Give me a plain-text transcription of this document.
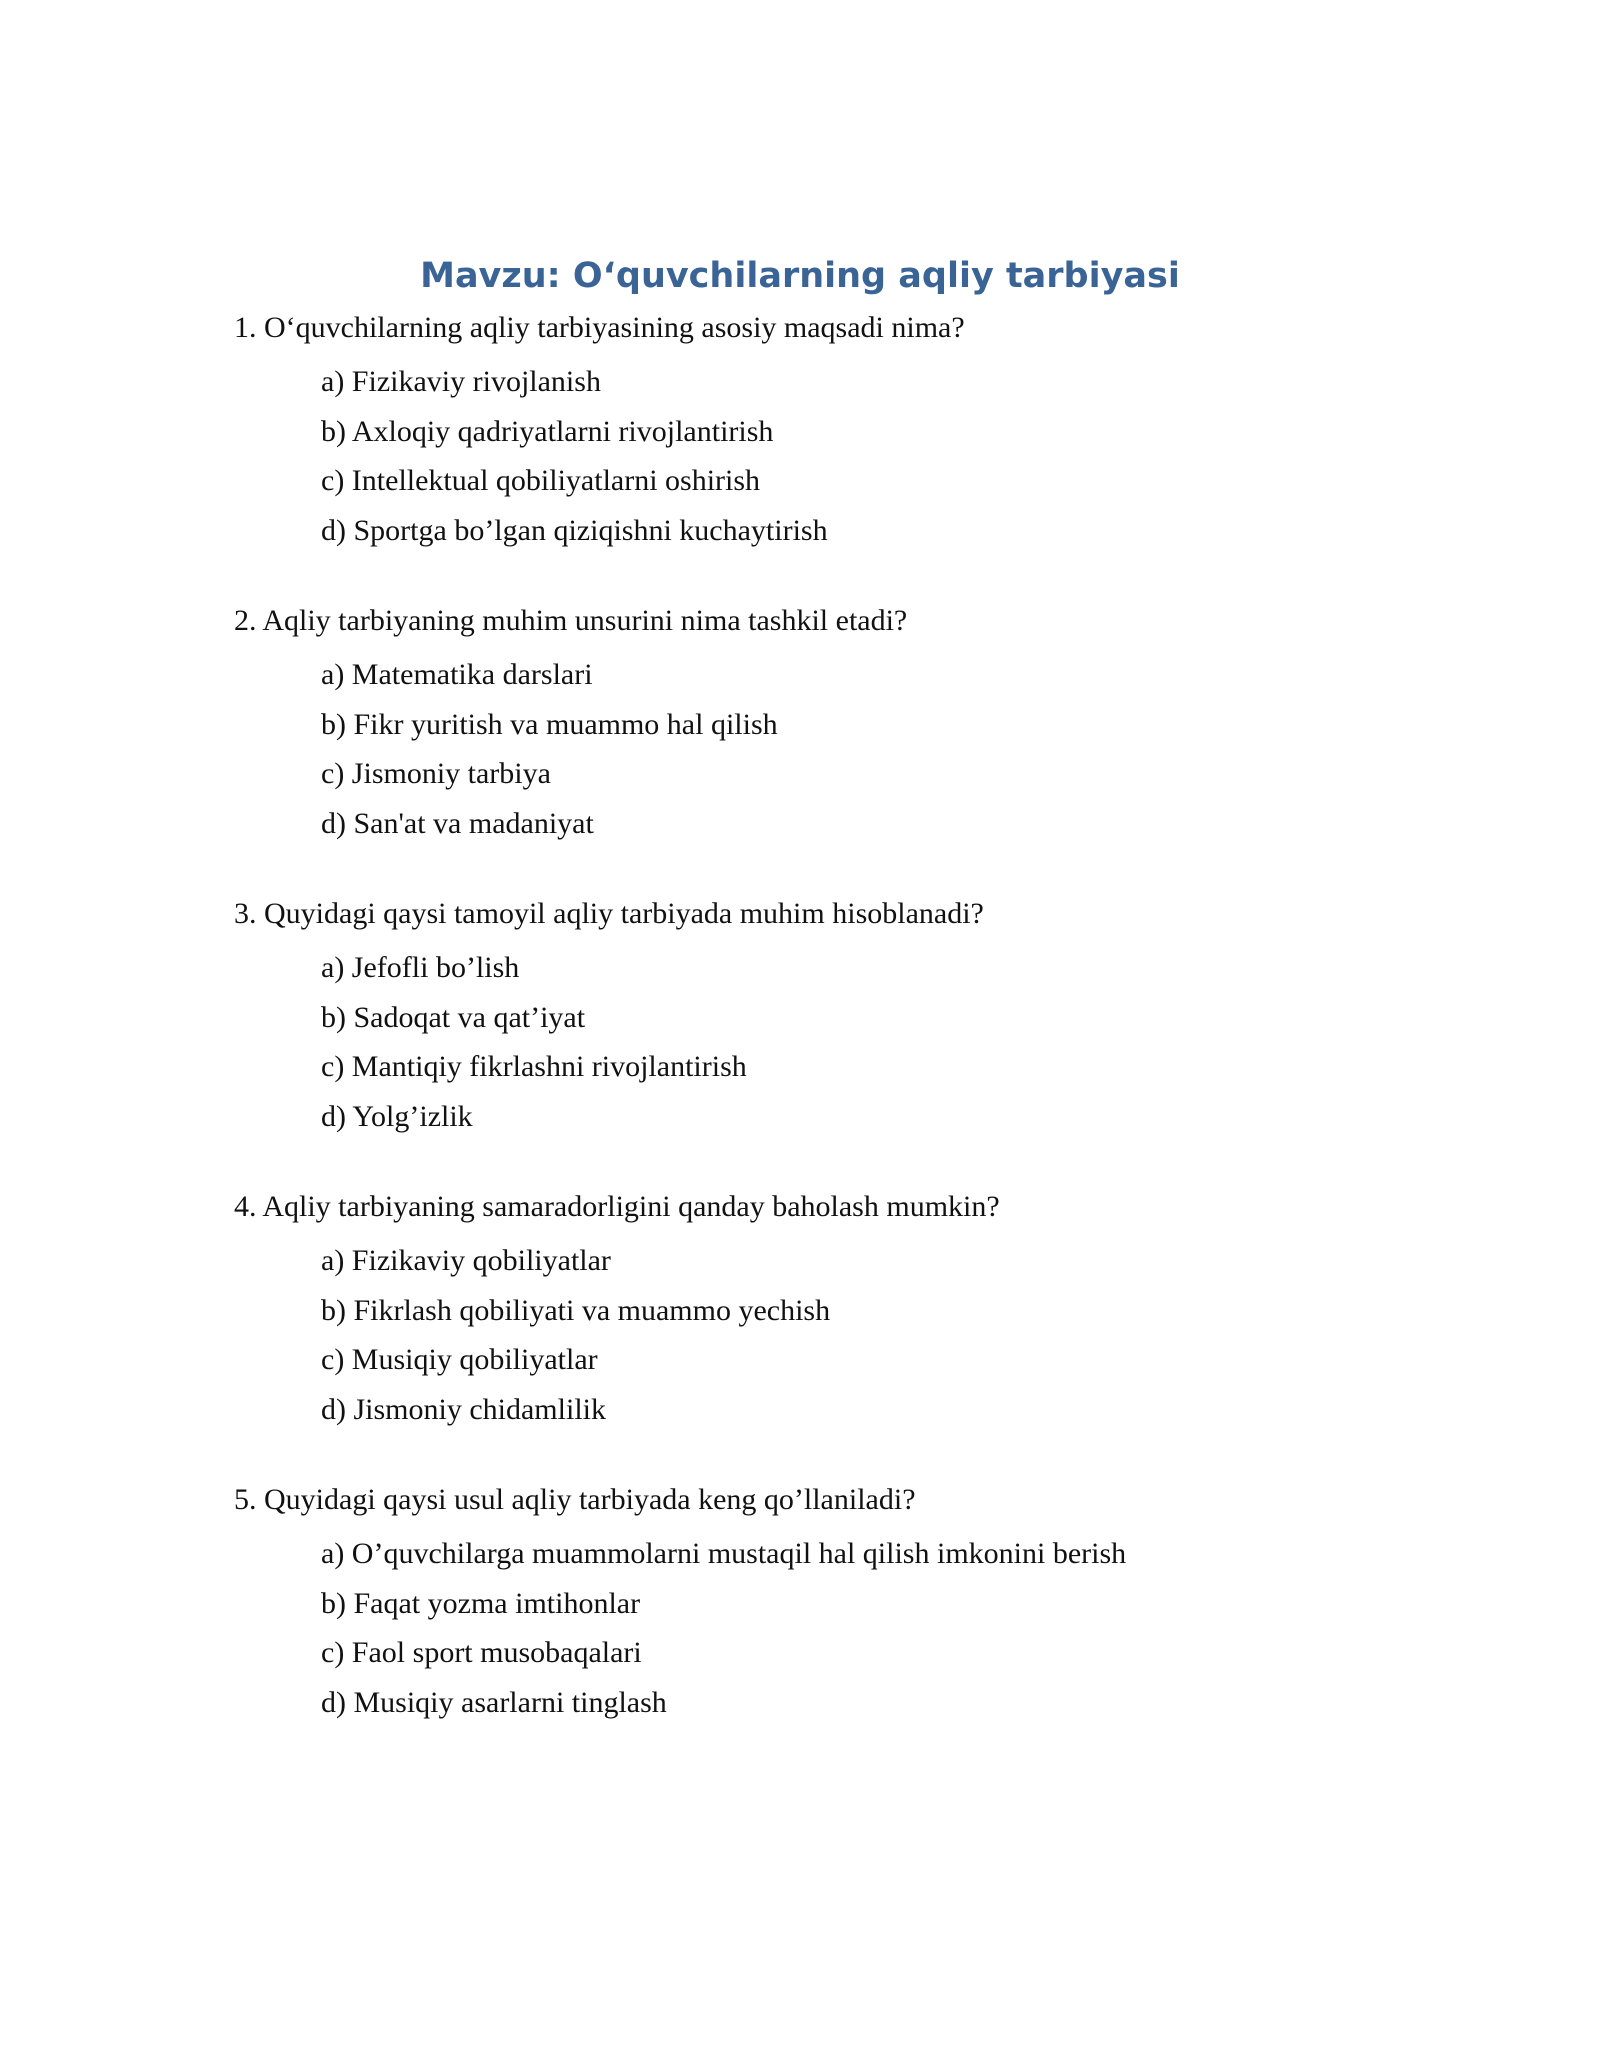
Mavzu: O‘quvchilarning aqliy tarbiyasi

1. O‘quvchilarning aqliy tarbiyasining asosiy maqsadi nima?

a) Fizikaviy rivojlanish
b) Axloqiy qadriyatlarni rivojlantirish
c) Intellektual qobiliyatlarni oshirish
d) Sportga bo’lgan qiziqishni kuchaytirish

2. Aqliy tarbiyaning muhim unsurini nima tashkil etadi?

a) Matematika darslari
b) Fikr yuritish va muammo hal qilish
c) Jismoniy tarbiya
d) San'at va madaniyat

3. Quyidagi qaysi tamoyil aqliy tarbiyada muhim hisoblanadi?

a) Jefofli bo’lish
b) Sadoqat va qat’iyat
c) Mantiqiy fikrlashni rivojlantirish
d) Yolg’izlik

4. Aqliy tarbiyaning samaradorligini qanday baholash mumkin?

a) Fizikaviy qobiliyatlar
b) Fikrlash qobiliyati va muammo yechish
c) Musiqiy qobiliyatlar
d) Jismoniy chidamlilik

5. Quyidagi qaysi usul aqliy tarbiyada keng qo’llaniladi?

a) O’quvchilarga muammolarni mustaqil hal qilish imkonini berish
b) Faqat yozma imtihonlar
c) Faol sport musobaqalari
d) Musiqiy asarlarni tinglash
